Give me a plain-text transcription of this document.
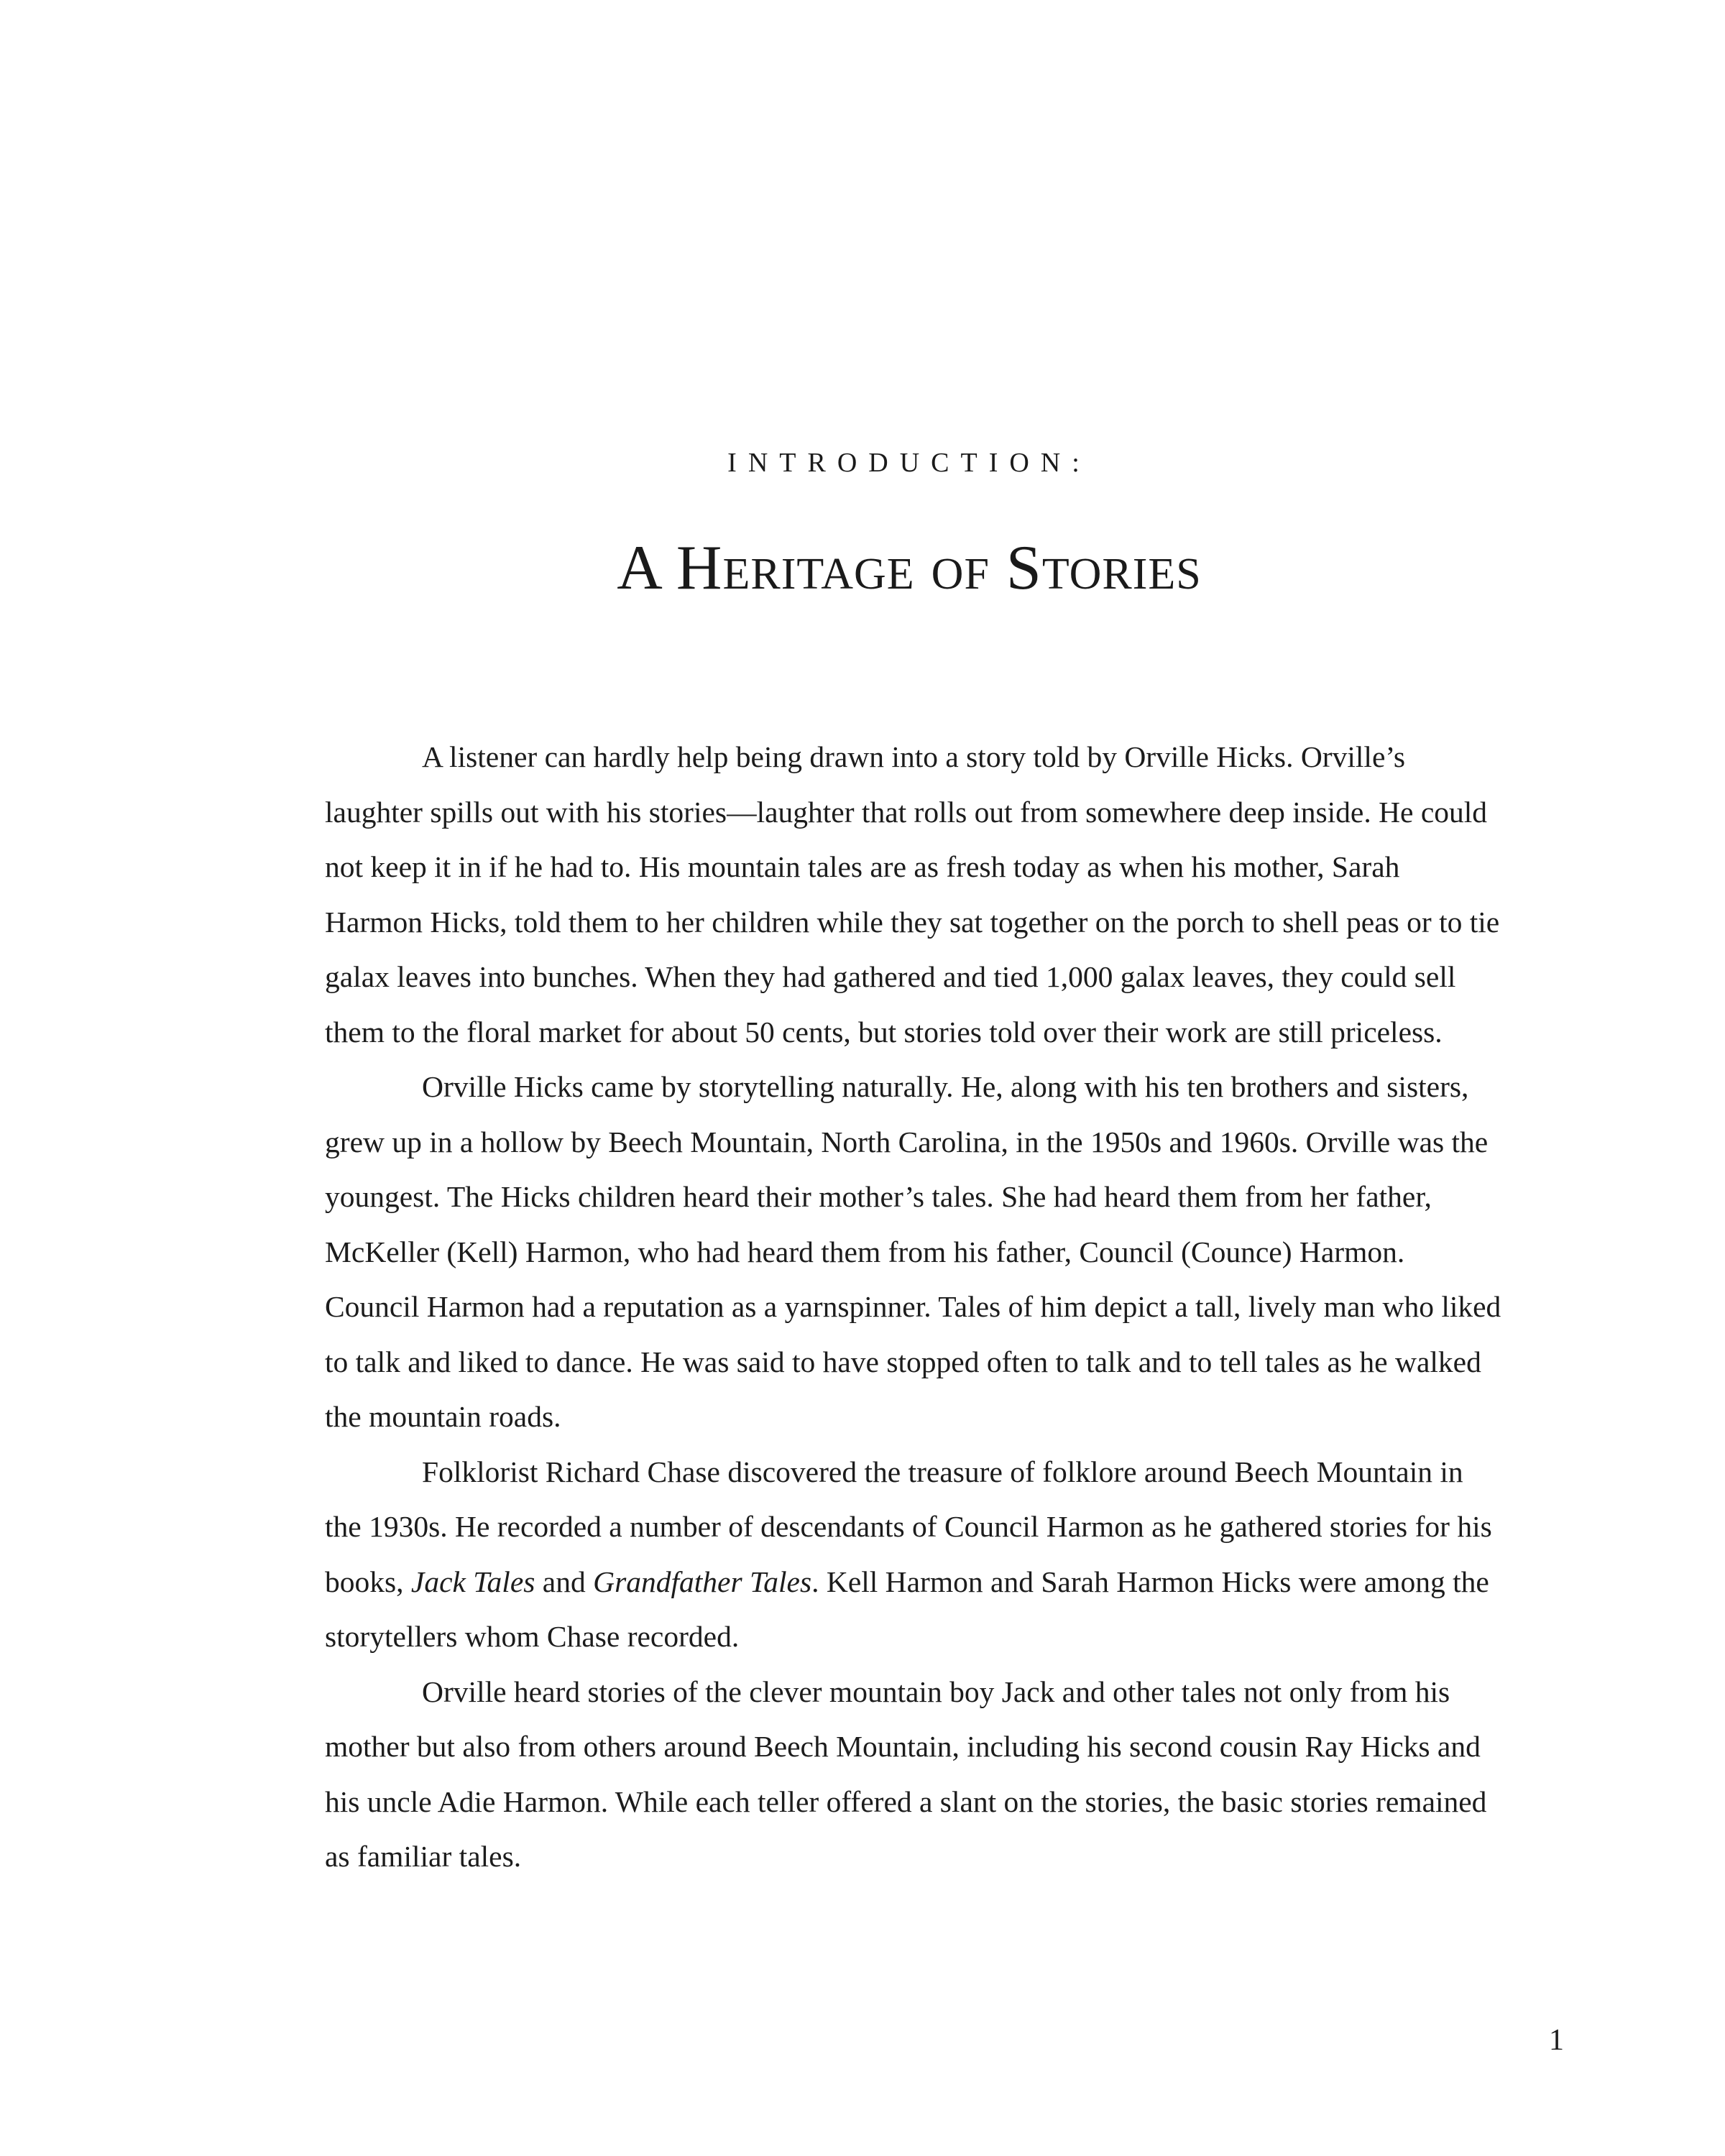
INTRODUCTION:
A Heritage of Stories

A listener can hardly help being drawn into a story told by Orville Hicks. Orville’s laughter spills out with his stories—laughter that rolls out from somewhere deep inside. He could not keep it in if he had to. His mountain tales are as fresh today as when his mother, Sarah Harmon Hicks, told them to her children while they sat together on the porch to shell peas or to tie galax leaves into bunches. When they had gathered and tied 1,000 galax leaves, they could sell them to the floral market for about 50 cents, but stories told over their work are still priceless.

Orville Hicks came by storytelling naturally. He, along with his ten brothers and sisters, grew up in a hollow by Beech Mountain, North Carolina, in the 1950s and 1960s. Orville was the youngest. The Hicks children heard their mother’s tales. She had heard them from her father, McKeller (Kell) Harmon, who had heard them from his father, Council (Counce) Harmon. Council Harmon had a reputation as a yarnspinner. Tales of him depict a tall, lively man who liked to talk and liked to dance. He was said to have stopped often to talk and to tell tales as he walked the mountain roads.

Folklorist Richard Chase discovered the treasure of folklore around Beech Mountain in the 1930s. He recorded a number of descendants of Council Harmon as he gathered stories for his books, Jack Tales and Grandfather Tales. Kell Harmon and Sarah Harmon Hicks were among the storytellers whom Chase recorded.

Orville heard stories of the clever mountain boy Jack and other tales not only from his mother but also from others around Beech Mountain, including his second cousin Ray Hicks and his uncle Adie Harmon. While each teller offered a slant on the stories, the basic stories remained as familiar tales.

1
